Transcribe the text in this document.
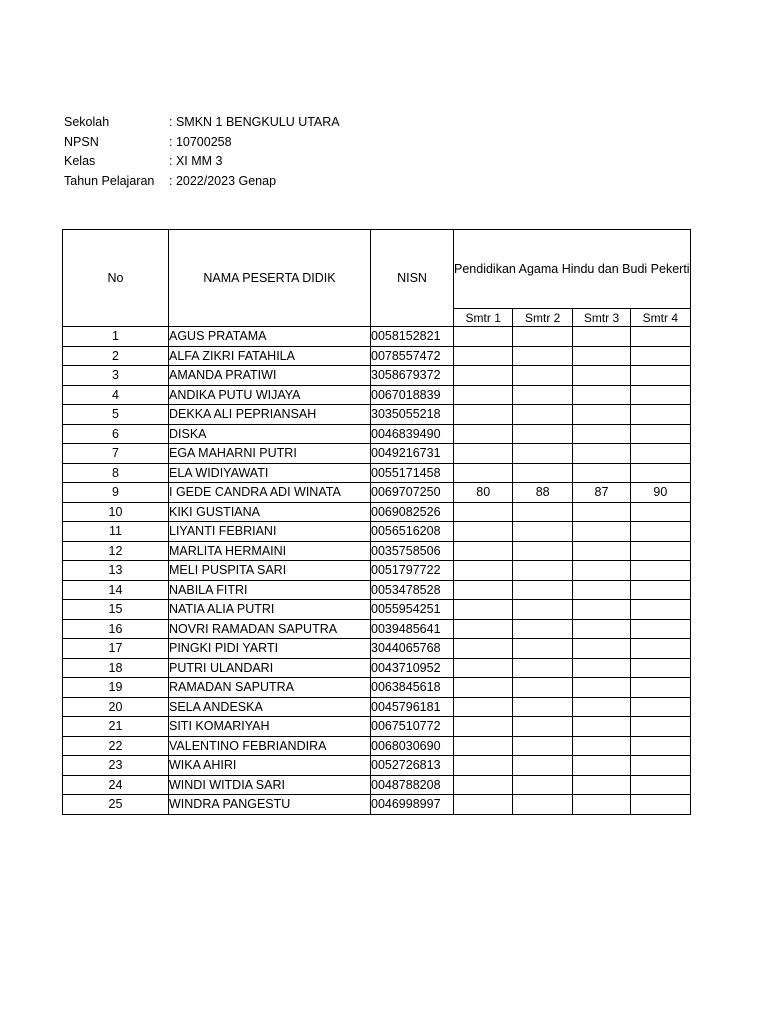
Sekolah	: SMKN 1 BENGKULU UTARA
NPSN	: 10700258
Kelas	: XI MM 3
Tahun Pelajaran : 2022/2023 Genap
No	NAMA PESERTA DIDIK	NISN	Pendidikan Agama Hindu dan Budi Pekerti			
			Smtr 1	Smtr 2	Smtr 3	Smtr 4
1	AGUS PRATAMA	0058152821				
2	ALFA ZIKRI FATAHILA	0078557472				
3	AMANDA PRATIWI	3058679372				
4	ANDIKA PUTU WIJAYA	0067018839				
5	DEKKA ALI PEPRIANSAH	3035055218				
6	DISKA	0046839490				
7	EGA MAHARNI PUTRI	0049216731				
8	ELA WIDIYAWATI	0055171458				
9	I GEDE CANDRA ADI WINATA	0069707250	80	88	87	90
10	KIKI GUSTIANA	0069082526				
11	LIYANTI FEBRIANI	0056516208				
12	MARLITA HERMAINI	0035758506				
13	MELI PUSPITA SARI	0051797722				
14	NABILA FITRI	0053478528				
15	NATIA ALIA PUTRI	0055954251				
16	NOVRI RAMADAN SAPUTRA	0039485641				
17	PINGKI PIDI YARTI	3044065768				
18	PUTRI ULANDARI	0043710952				
19	RAMADAN SAPUTRA	0063845618				
20	SELA ANDESKA	0045796181				
21	SITI KOMARIYAH	0067510772				
22	VALENTINO FEBRIANDIRA	0068030690				
23	WIKA AHIRI	0052726813				
24	WINDI WITDIA SARI	0048788208				
25	WINDRA PANGESTU	0046998997				
